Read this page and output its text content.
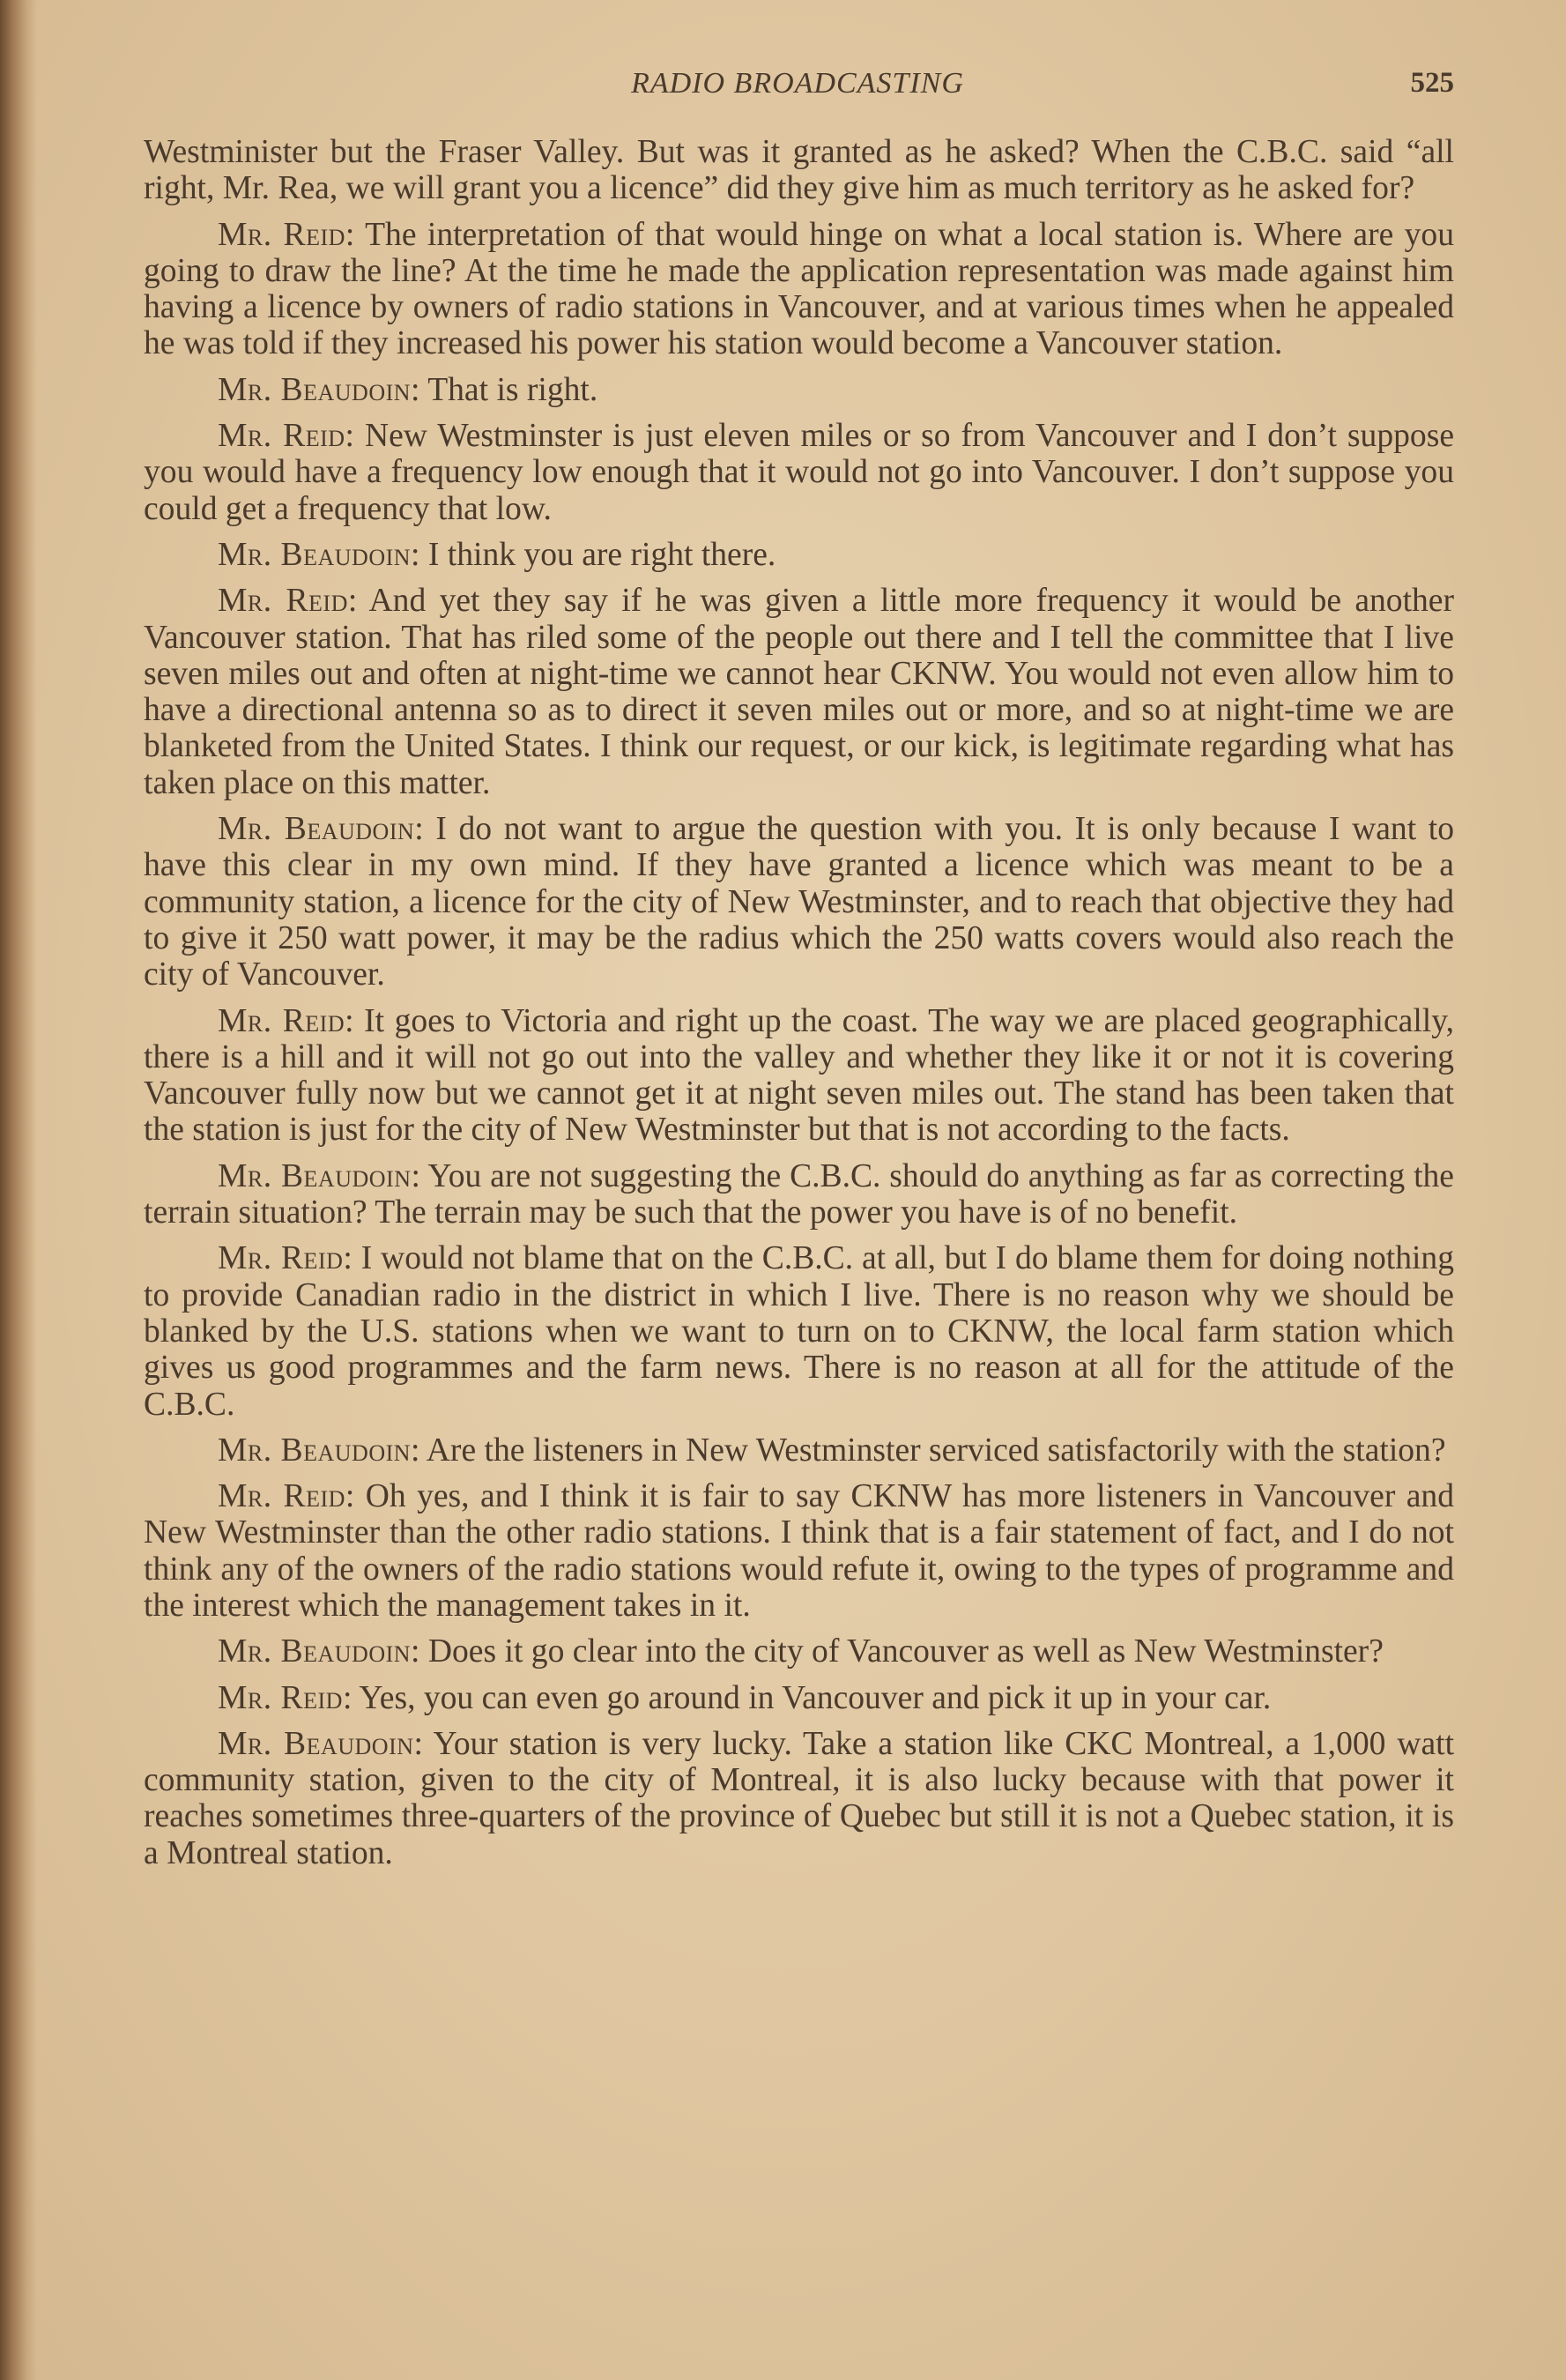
RADIO BROADCASTING	525

Westminister but the Fraser Valley. But was it granted as he asked? When the C.B.C. said “all right, Mr. Rea, we will grant you a licence” did they give him as much territory as he asked for?

Mr. Reid: The interpretation of that would hinge on what a local station is. Where are you going to draw the line? At the time he made the application representation was made against him having a licence by owners of radio stations in Vancouver, and at various times when he appealed he was told if they increased his power his station would become a Vancouver station.

Mr. Beaudoin: That is right.

Mr. Reid: New Westminster is just eleven miles or so from Vancouver and I don’t suppose you would have a frequency low enough that it would not go into Vancouver. I don’t suppose you could get a frequency that low.

Mr. Beaudoin: I think you are right there.

Mr. Reid: And yet they say if he was given a little more frequency it would be another Vancouver station. That has riled some of the people out there and I tell the committee that I live seven miles out and often at night-time we cannot hear CKNW. You would not even allow him to have a directional antenna so as to direct it seven miles out or more, and so at night-time we are blanketed from the United States. I think our request, or our kick, is legitimate regarding what has taken place on this matter.

Mr. Beaudoin: I do not want to argue the question with you. It is only because I want to have this clear in my own mind. If they have granted a licence which was meant to be a community station, a licence for the city of New Westminster, and to reach that objective they had to give it 250 watt power, it may be the radius which the 250 watts covers would also reach the city of Vancouver.

Mr. Reid: It goes to Victoria and right up the coast. The way we are placed geographically, there is a hill and it will not go out into the valley and whether they like it or not it is covering Vancouver fully now but we cannot get it at night seven miles out. The stand has been taken that the station is just for the city of New Westminster but that is not according to the facts.

Mr. Beaudoin: You are not suggesting the C.B.C. should do anything as far as correcting the terrain situation? The terrain may be such that the power you have is of no benefit.

Mr. Reid: I would not blame that on the C.B.C. at all, but I do blame them for doing nothing to provide Canadian radio in the district in which I live. There is no reason why we should be blanked by the U.S. stations when we want to turn on to CKNW, the local farm station which gives us good programmes and the farm news. There is no reason at all for the attitude of the C.B.C.

Mr. Beaudoin: Are the listeners in New Westminster serviced satisfactorily with the station?

Mr. Reid: Oh yes, and I think it is fair to say CKNW has more listeners in Vancouver and New Westminster than the other radio stations. I think that is a fair statement of fact, and I do not think any of the owners of the radio stations would refute it, owing to the types of programme and the interest which the management takes in it.

Mr. Beaudoin: Does it go clear into the city of Vancouver as well as New Westminster?

Mr. Reid: Yes, you can even go around in Vancouver and pick it up in your car.

Mr. Beaudoin: Your station is very lucky. Take a station like CKC Montreal, a 1,000 watt community station, given to the city of Montreal, it is also lucky because with that power it reaches sometimes three-quarters of the province of Quebec but still it is not a Quebec station, it is a Montreal station.
